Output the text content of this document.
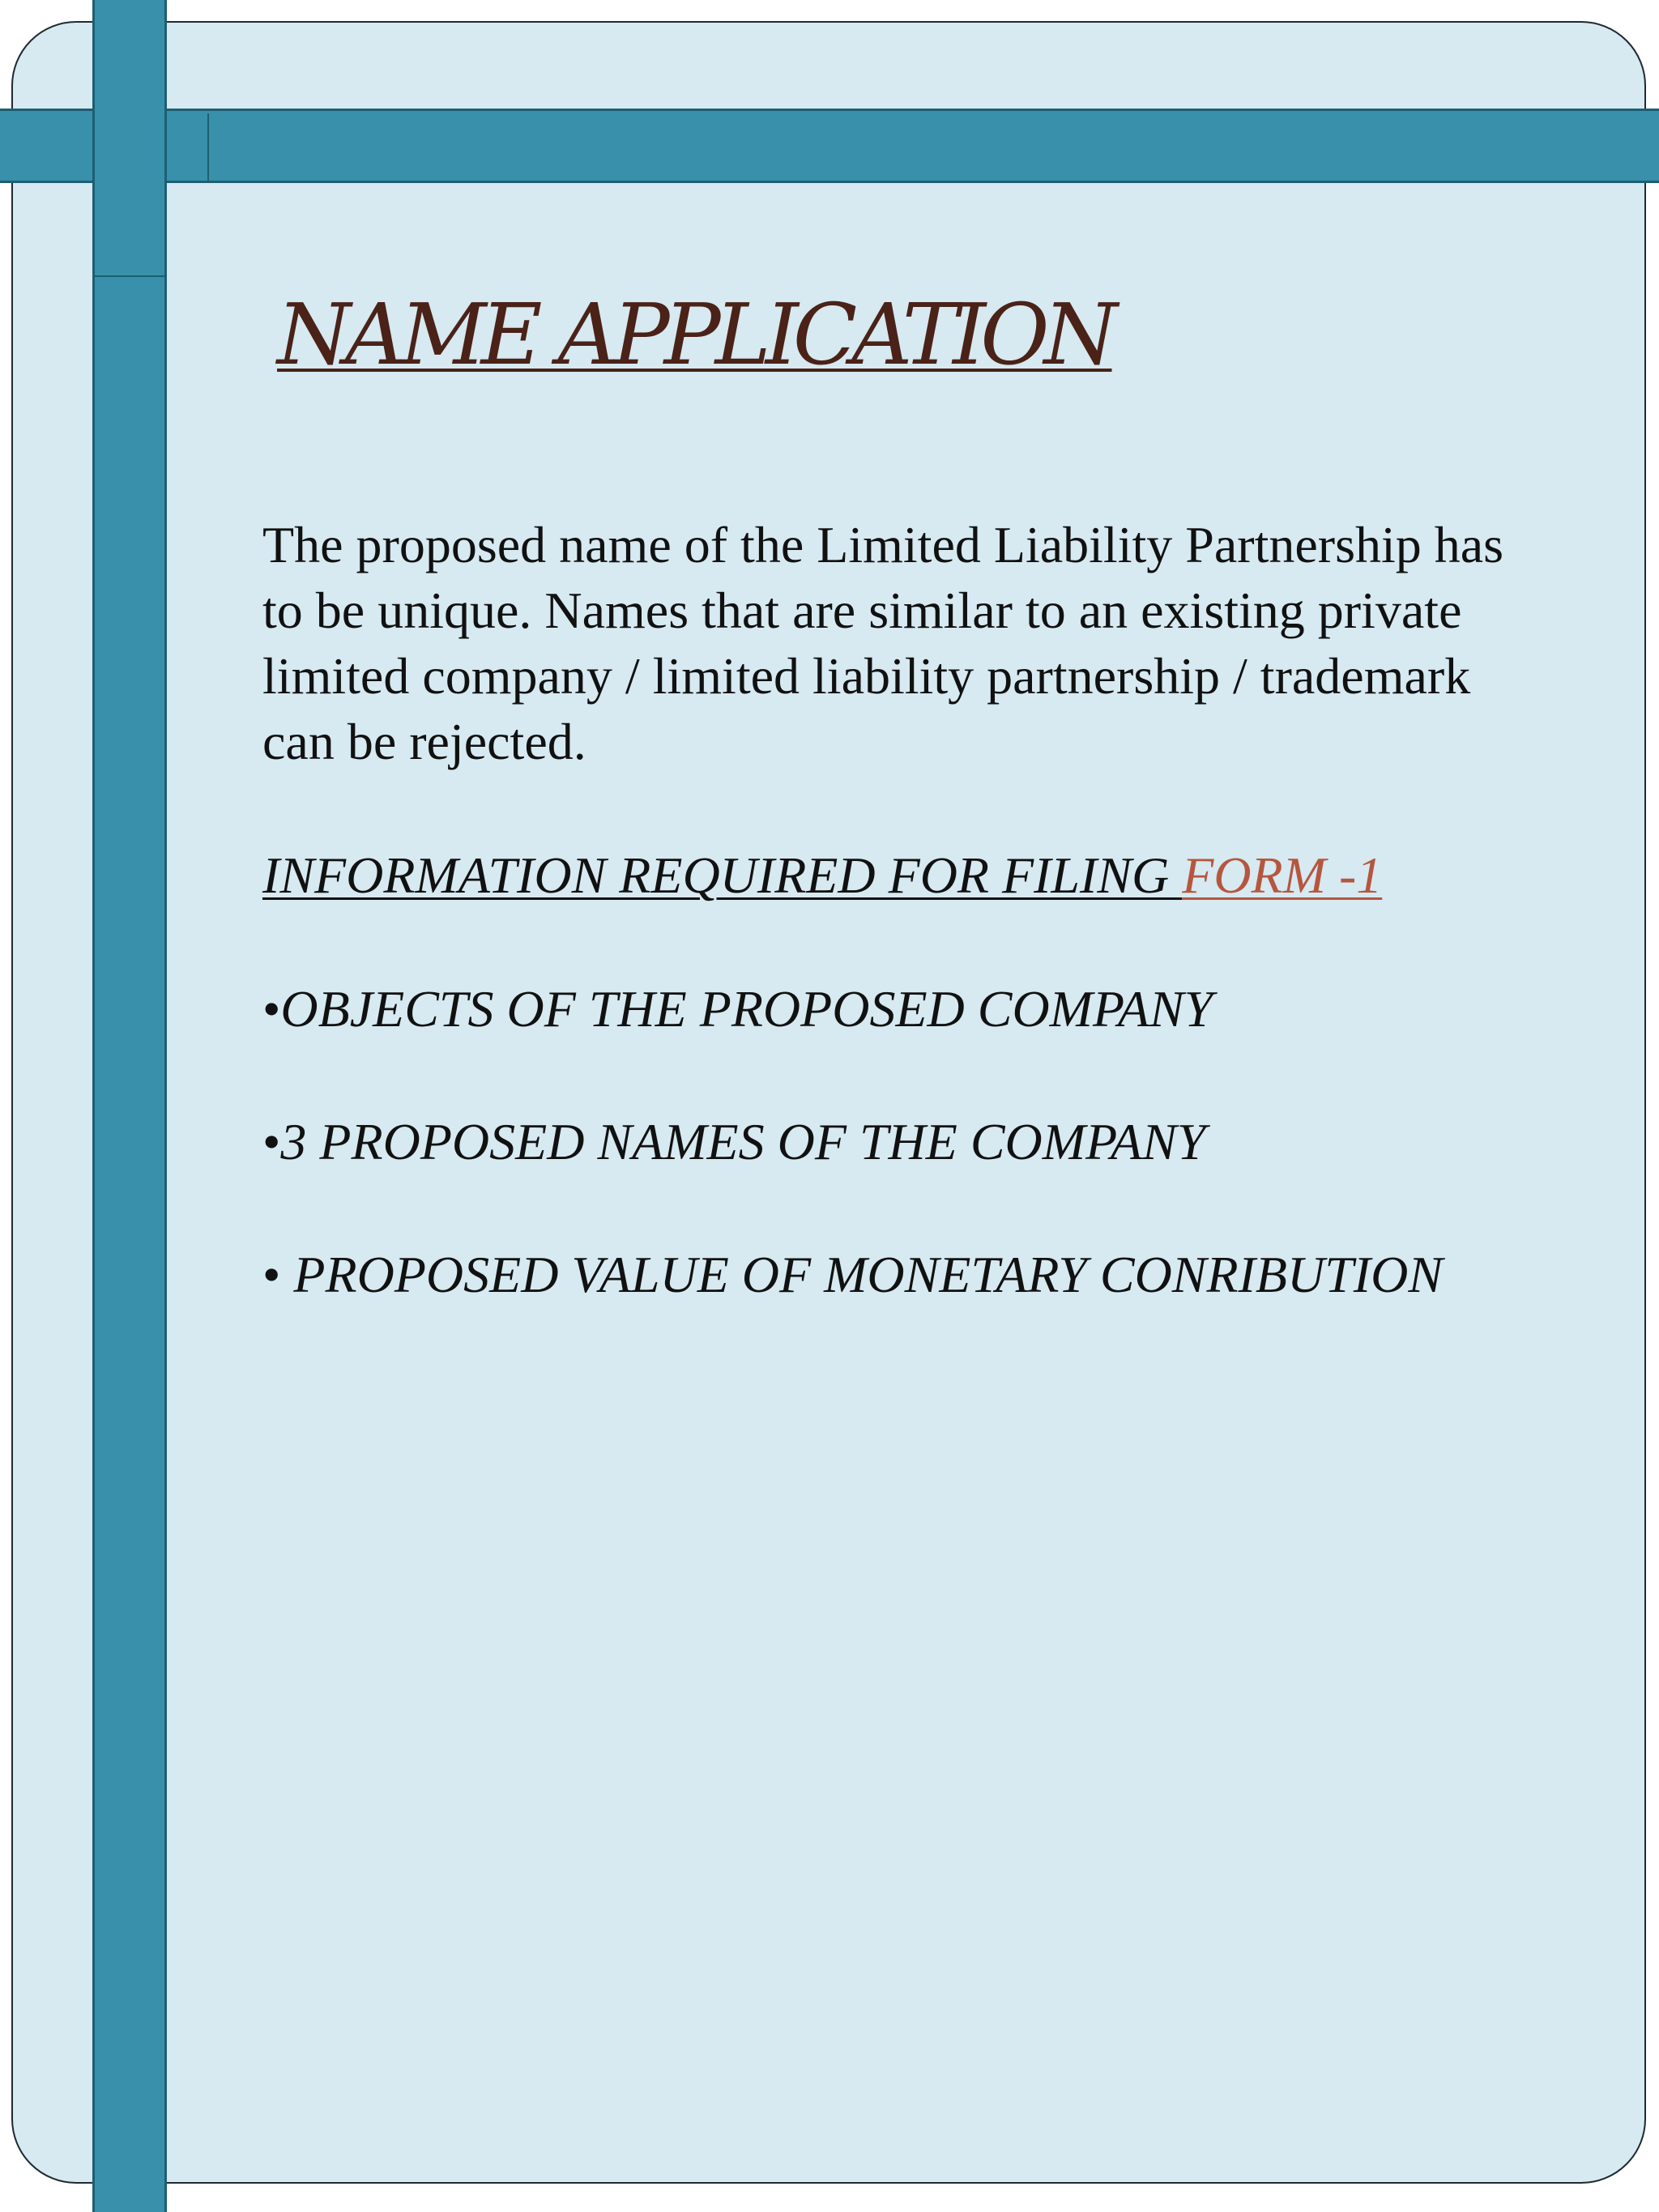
NAME APPLICATION

The proposed name of the Limited Liability Partnership has to be unique. Names that are similar to an existing private limited company / limited liability partnership / trademark can be rejected.

INFORMATION REQUIRED FOR FILING FORM -1

•OBJECTS OF THE PROPOSED COMPANY

•3 PROPOSED NAMES OF THE COMPANY

• PROPOSED VALUE OF MONETARY CONRIBUTION
